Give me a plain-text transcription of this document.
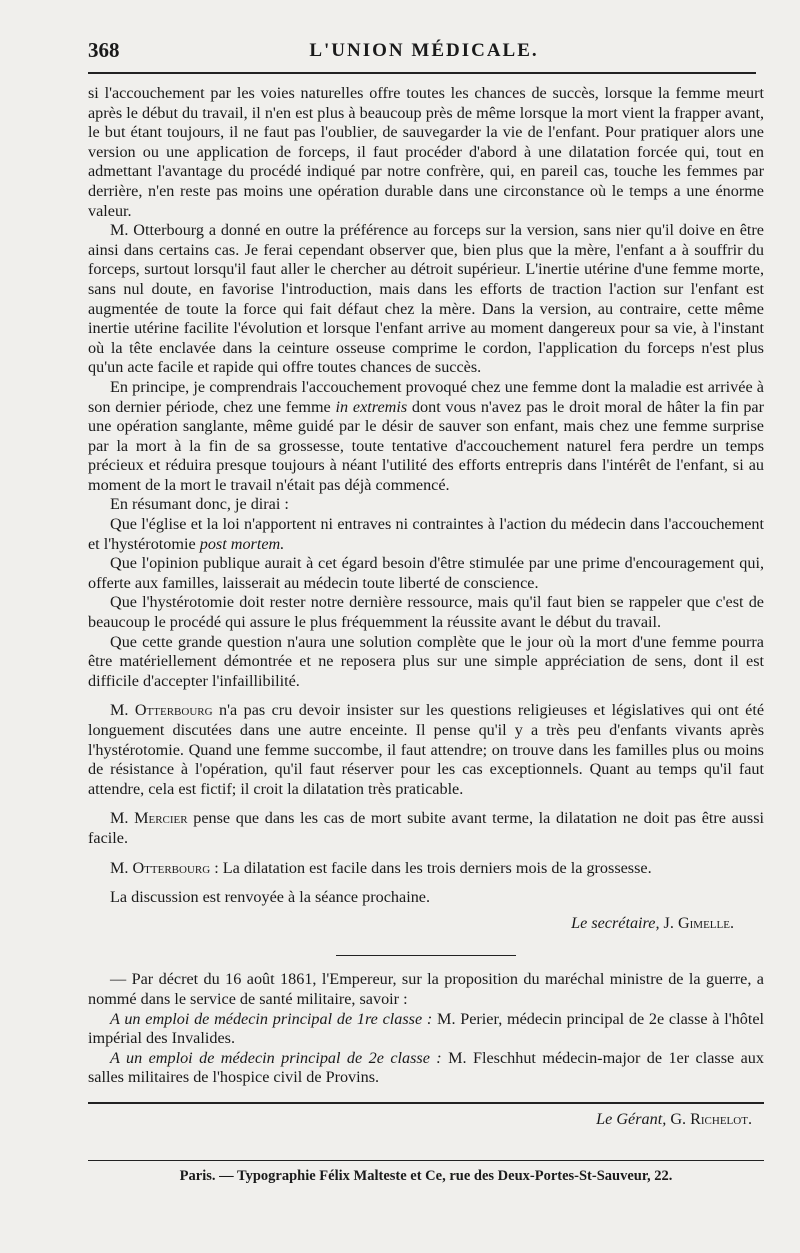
368	L'UNION MÉDICALE.

si l'accouchement par les voies naturelles offre toutes les chances de succès, lorsque la femme meurt après le début du travail, il n'en est plus à beaucoup près de même lorsque la mort vient la frapper avant, le but étant toujours, il ne faut pas l'oublier, de sauvegarder la vie de l'enfant. Pour pratiquer alors une version ou une application de forceps, il faut procéder d'abord à une dilatation forcée qui, tout en admettant l'avantage du procédé indiqué par notre confrère, qui, en pareil cas, touche les femmes par derrière, n'en reste pas moins une opération durable dans une circonstance où le temps a une énorme valeur.

M. Otterbourg a donné en outre la préférence au forceps sur la version, sans nier qu'il doive en être ainsi dans certains cas. Je ferai cependant observer que, bien plus que la mère, l'enfant a à souffrir du forceps, surtout lorsqu'il faut aller le chercher au détroit supérieur. L'inertie utérine d'une femme morte, sans nul doute, en favorise l'introduction, mais dans les efforts de traction l'action sur l'enfant est augmentée de toute la force qui fait défaut chez la mère. Dans la version, au contraire, cette même inertie utérine facilite l'évolution et lorsque l'enfant arrive au moment dangereux pour sa vie, à l'instant où la tête enclavée dans la ceinture osseuse comprime le cordon, l'application du forceps n'est plus qu'un acte facile et rapide qui offre toutes chances de succès.

En principe, je comprendrais l'accouchement provoqué chez une femme dont la maladie est arrivée à son dernier période, chez une femme in extremis dont vous n'avez pas le droit moral de hâter la fin par une opération sanglante, même guidé par le désir de sauver son enfant, mais chez une femme surprise par la mort à la fin de sa grossesse, toute tentative d'accouchement naturel fera perdre un temps précieux et réduira presque toujours à néant l'utilité des efforts entrepris dans l'intérêt de l'enfant, si au moment de la mort le travail n'était pas déjà commencé.

En résumant donc, je dirai :

Que l'église et la loi n'apportent ni entraves ni contraintes à l'action du médecin dans l'accouchement et l'hystérotomie post mortem.

Que l'opinion publique aurait à cet égard besoin d'être stimulée par une prime d'encouragement qui, offerte aux familles, laisserait au médecin toute liberté de conscience.

Que l'hystérotomie doit rester notre dernière ressource, mais qu'il faut bien se rappeler que c'est de beaucoup le procédé qui assure le plus fréquemment la réussite avant le début du travail.

Que cette grande question n'aura une solution complète que le jour où la mort d'une femme pourra être matériellement démontrée et ne reposera plus sur une simple appréciation de sens, dont il est difficile d'accepter l'infaillibilité.

M. Otterbourg n'a pas cru devoir insister sur les questions religieuses et législatives qui ont été longuement discutées dans une autre enceinte. Il pense qu'il y a très peu d'enfants vivants après l'hystérotomie. Quand une femme succombe, il faut attendre; on trouve dans les familles plus ou moins de résistance à l'opération, qu'il faut réserver pour les cas exceptionnels. Quant au temps qu'il faut attendre, cela est fictif; il croit la dilatation très praticable.

M. Mercier pense que dans les cas de mort subite avant terme, la dilatation ne doit pas être aussi facile.

M. Otterbourg : La dilatation est facile dans les trois derniers mois de la grossesse.

La discussion est renvoyée à la séance prochaine.

Le secrétaire, J. Gimelle.

— Par décret du 16 août 1861, l'Empereur, sur la proposition du maréchal ministre de la guerre, a nommé dans le service de santé militaire, savoir :

A un emploi de médecin principal de 1re classe : M. Perier, médecin principal de 2e classe à l'hôtel impérial des Invalides.

A un emploi de médecin principal de 2e classe : M. Fleschhut médecin-major de 1er classe aux salles militaires de l'hospice civil de Provins.

Le Gérant, G. Richelot.
Paris. — Typographie Félix Malteste et Ce, rue des Deux-Portes-St-Sauveur, 22.
